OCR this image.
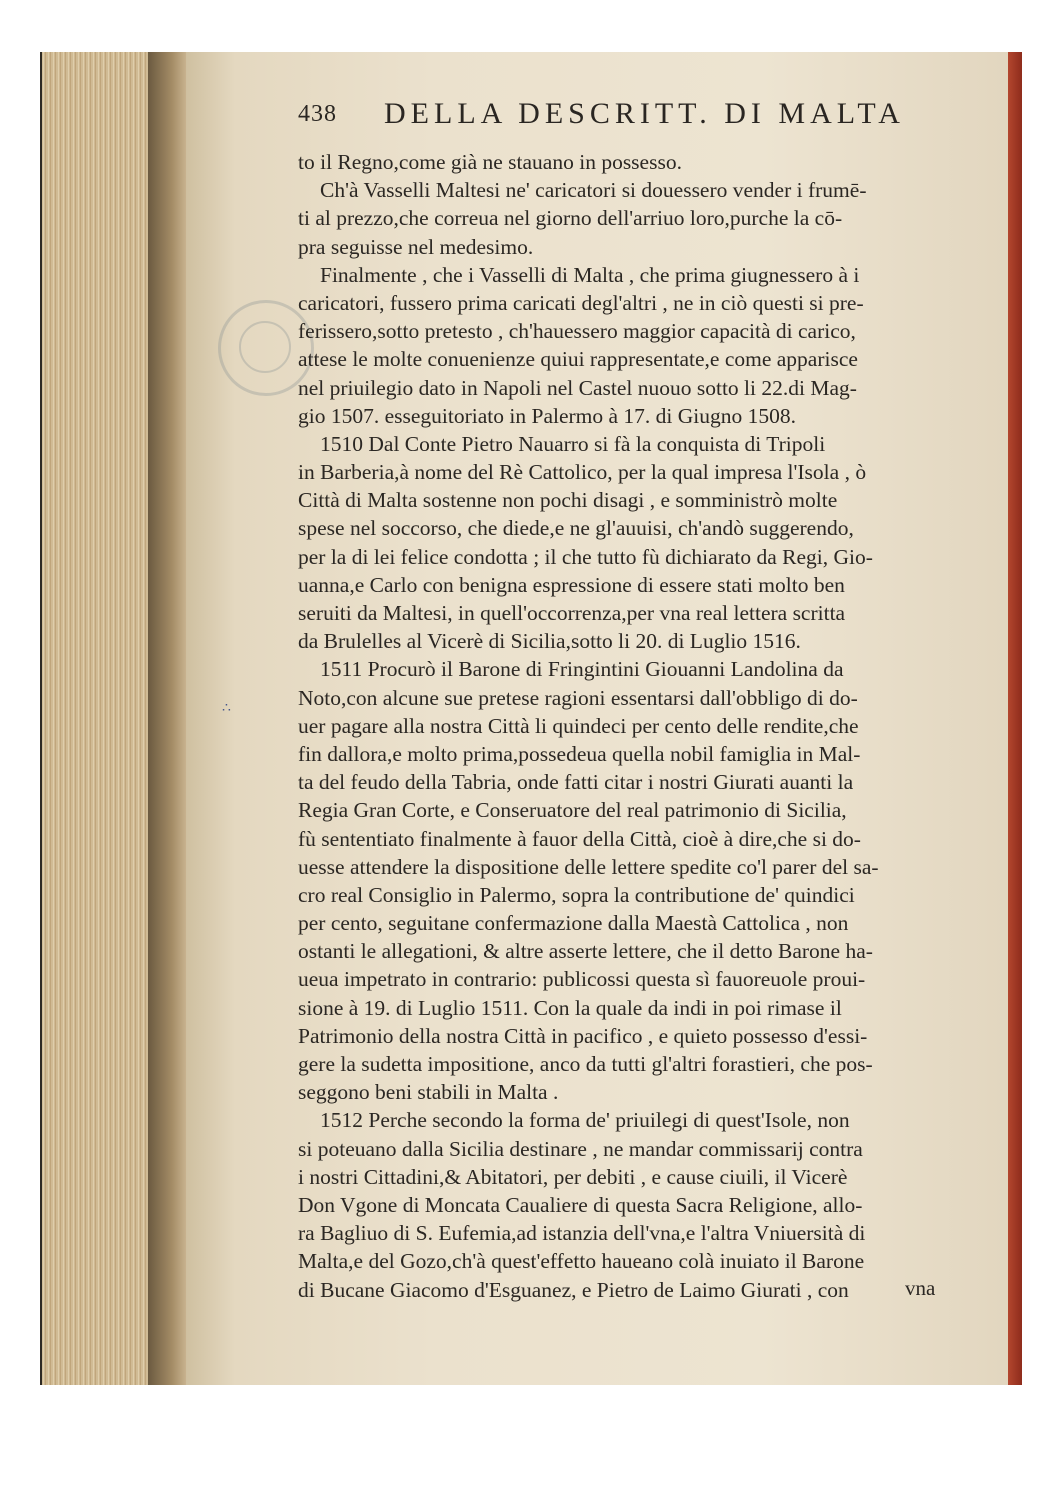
∴
438 DELLA DESCRITT. DI MALTA
to il Regno,come già ne stauano in possesso.
Ch'à Vasselli Maltesi ne' caricatori si douessero vender i frumē-
ti al prezzo,che correua nel giorno dell'arriuo loro,purche la cō-
pra seguisse nel medesimo.
Finalmente , che i Vasselli di Malta , che prima giugnessero à i
caricatori, fussero prima caricati degl'altri , ne in ciò questi si pre-
ferissero,sotto pretesto , ch'hauessero maggior capacità di carico,
attese le molte conuenienze quiui rappresentate,e come apparisce
nel priuilegio dato in Napoli nel Castel nuouo sotto li 22.di Mag-
gio 1507. esseguitoriato in Palermo à 17. di Giugno 1508.
1510 Dal Conte Pietro Nauarro si fà la conquista di Tripoli
in Barberia,à nome del Rè Cattolico, per la qual impresa l'Isola , ò
Città di Malta sostenne non pochi disagi , e somministrò molte
spese nel soccorso, che diede,e ne gl'auuisi, ch'andò suggerendo,
per la di lei felice condotta ; il che tutto fù dichiarato da Regi, Gio-
uanna,e Carlo con benigna espressione di essere stati molto ben
seruiti da Maltesi, in quell'occorrenza,per vna real lettera scritta
da Brulelles al Vicerè di Sicilia,sotto li 20. di Luglio 1516.
1511 Procurò il Barone di Fringintini Giouanni Landolina da
Noto,con alcune sue pretese ragioni essentarsi dall'obbligo di do-
uer pagare alla nostra Città li quindeci per cento delle rendite,che
fin dallora,e molto prima,possedeua quella nobil famiglia in Mal-
ta del feudo della Tabria, onde fatti citar i nostri Giurati auanti la
Regia Gran Corte, e Conseruatore del real patrimonio di Sicilia,
fù sententiato finalmente à fauor della Città, cioè à dire,che si do-
uesse attendere la dispositione delle lettere spedite co'l parer del sa-
cro real Consiglio in Palermo, sopra la contributione de' quindici
per cento, seguitane confermazione dalla Maestà Cattolica , non
ostanti le allegationi, & altre asserte lettere, che il detto Barone ha-
ueua impetrato in contrario: publicossi questa sì fauoreuole proui-
sione à 19. di Luglio 1511. Con la quale da indi in poi rimase il
Patrimonio della nostra Città in pacifico , e quieto possesso d'essi-
gere la sudetta impositione, anco da tutti gl'altri forastieri, che pos-
seggono beni stabili in Malta .
1512 Perche secondo la forma de' priuilegi di quest'Isole, non
si poteuano dalla Sicilia destinare , ne mandar commissarij contra
i nostri Cittadini,& Abitatori, per debiti , e cause ciuili, il Vicerè
Don Vgone di Moncata Caualiere di questa Sacra Religione, allo-
ra Bagliuo di S. Eufemia,ad istanzia dell'vna,e l'altra Vniuersità di
Malta,e del Gozo,ch'à quest'effetto haueano colà inuiato il Barone
di Bucane Giacomo d'Esguanez, e Pietro de Laimo Giurati , con	vna
